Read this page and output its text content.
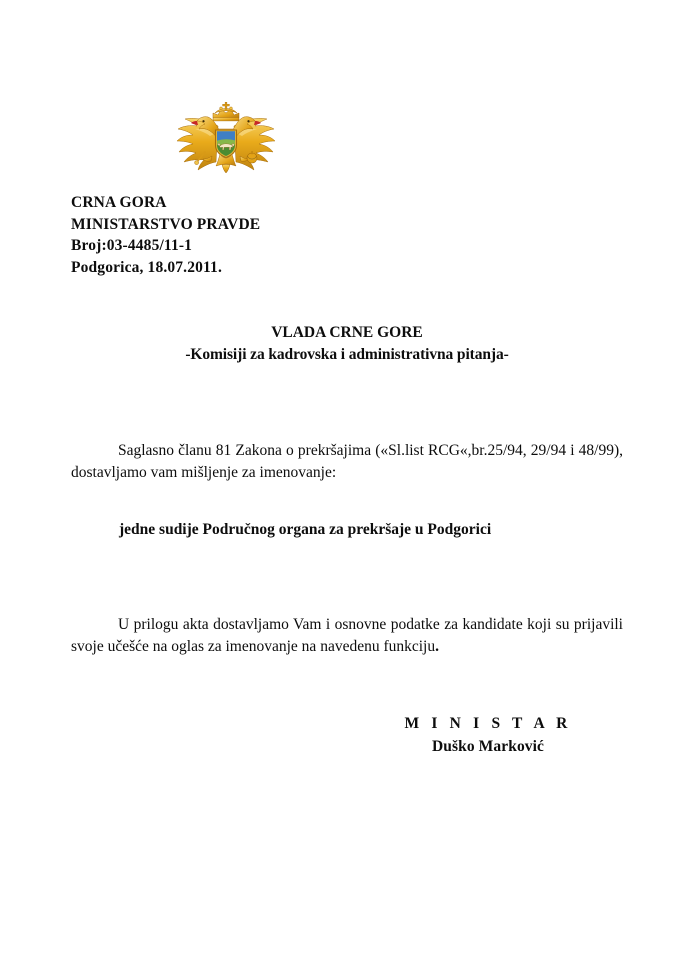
CRNA GORA
MINISTARSTVO PRAVDE
Broj:03-4485/11-1
Podgorica, 18.07.2011.
VLADA CRNE GORE
-Komisiji za kadrovska i administrativna pitanja-

Saglasno članu 81 Zakona o prekršajima («Sl.list RCG«,br.25/94, 29/94 i 48/99), dostavljamo vam mišljenje za imenovanje:

jedne sudije Područnog organa za prekršaje u Podgorici

U prilogu akta dostavljamo Vam i osnovne podatke za kandidate koji su prijavili svoje učešće na oglas za imenovanje na navedenu funkciju.

M I N I S T A R
Duško Marković
